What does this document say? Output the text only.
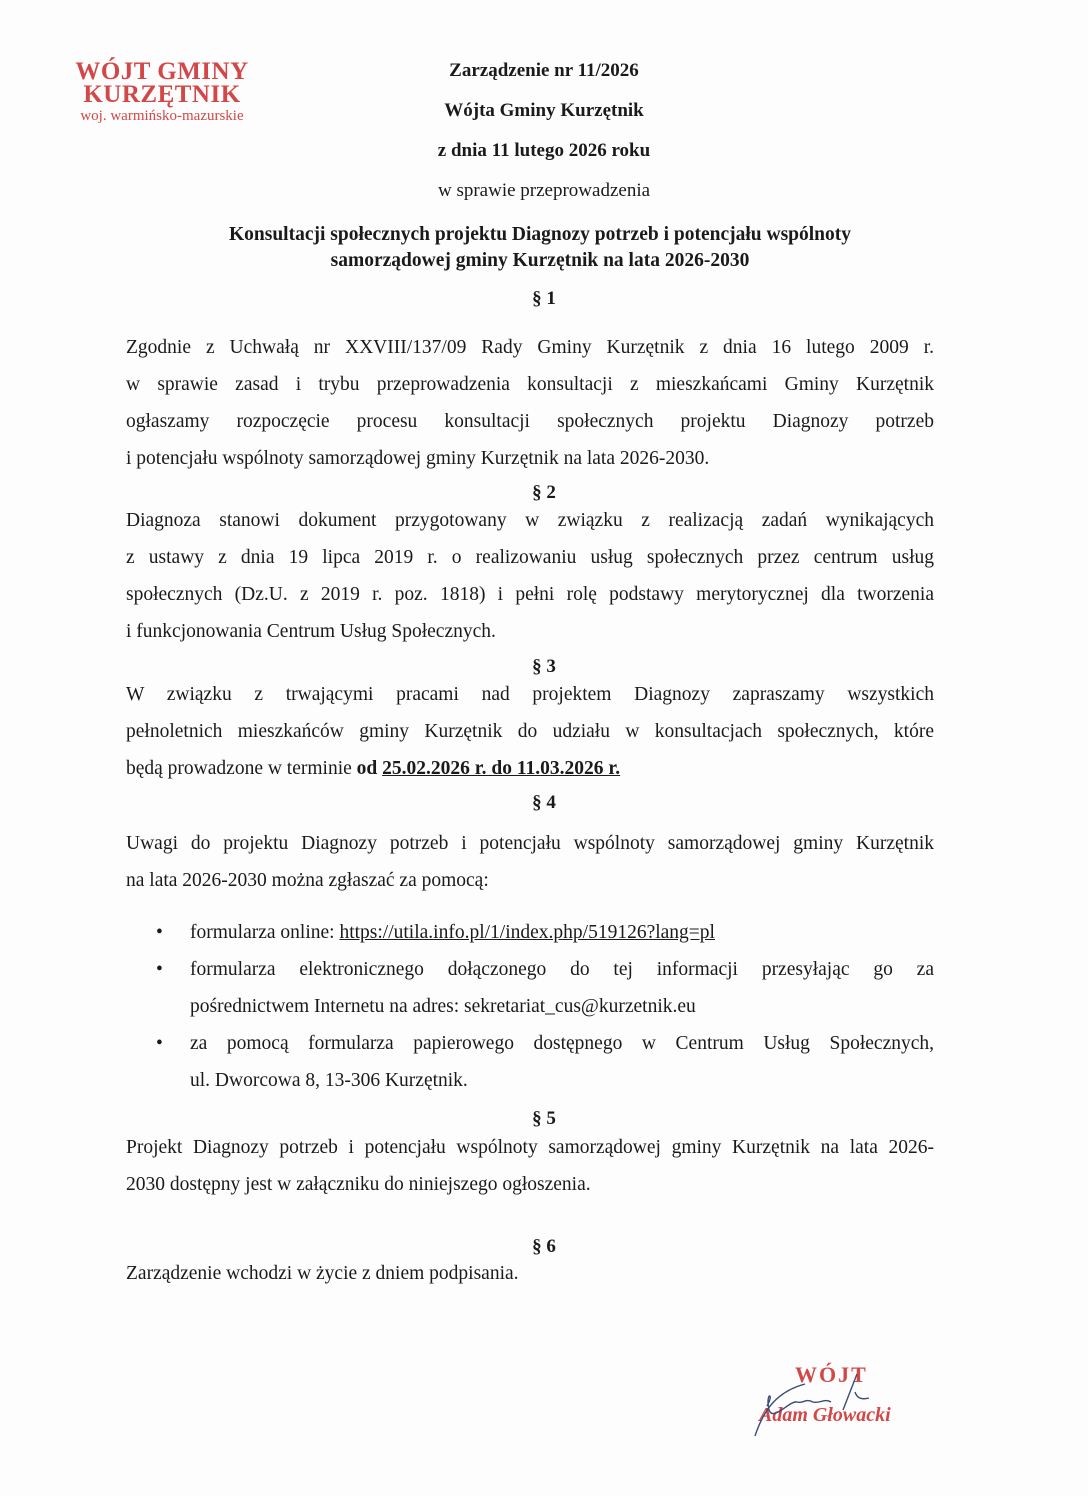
WÓJT GMINY
KURZĘTNIK
woj. warmińsko-mazurskie
Zarządzenie nr 11/2026
Wójta Gminy Kurzętnik
z dnia 11 lutego 2026 roku
w sprawie przeprowadzenia
Konsultacji społecznych projektu Diagnozy potrzeb i potencjału wspólnoty
samorządowej gminy Kurzętnik na lata 2026-2030
§ 1
Zgodnie z Uchwałą nr XXVIII/137/09 Rady Gminy Kurzętnik z dnia 16 lutego 2009 r.
w sprawie zasad i trybu przeprowadzenia konsultacji z mieszkańcami Gminy Kurzętnik
ogłaszamy rozpoczęcie procesu konsultacji społecznych projektu Diagnozy potrzeb
i potencjału wspólnoty samorządowej gminy Kurzętnik na lata 2026-2030.
§ 2
Diagnoza stanowi dokument przygotowany w związku z realizacją zadań wynikających
z ustawy z dnia 19 lipca 2019 r. o realizowaniu usług społecznych przez centrum usług
społecznych (Dz.U. z 2019 r. poz. 1818) i pełni rolę podstawy merytorycznej dla tworzenia
i funkcjonowania Centrum Usług Społecznych.
§ 3
W związku z trwającymi pracami nad projektem Diagnozy zapraszamy wszystkich
pełnoletnich mieszkańców gminy Kurzętnik do udziału w konsultacjach społecznych, które
będą prowadzone w terminie od 25.02.2026 r. do 11.03.2026 r.
§ 4
Uwagi do projektu Diagnozy potrzeb i potencjału wspólnoty samorządowej gminy Kurzętnik
na lata 2026-2030 można zgłaszać za pomocą:
• formularza online: https://utila.info.pl/1/index.php/519126?lang=pl
• formularza elektronicznego dołączonego do tej informacji przesyłając go za
pośrednictwem Internetu na adres: sekretariat_cus@kurzetnik.eu
• za pomocą formularza papierowego dostępnego w Centrum Usług Społecznych,
ul. Dworcowa 8, 13-306 Kurzętnik.
§ 5
Projekt Diagnozy potrzeb i potencjału wspólnoty samorządowej gminy Kurzętnik na lata 2026-
2030 dostępny jest w załączniku do niniejszego ogłoszenia.
§ 6
Zarządzenie wchodzi w życie z dniem podpisania.
WÓJT
Adam Głowacki
